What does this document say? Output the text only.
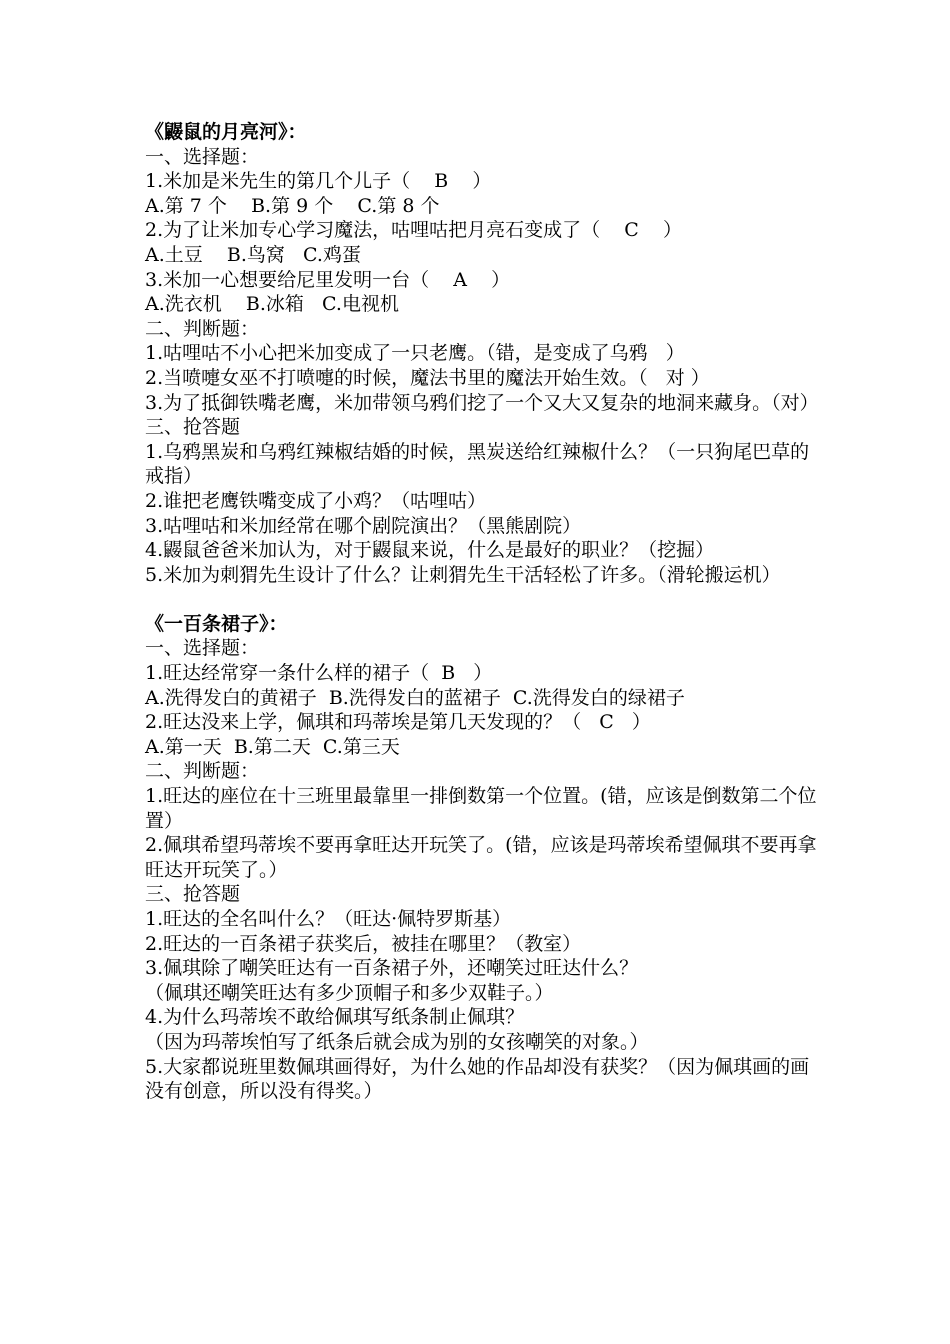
《鼹鼠的月亮河》：
一、选择题：
1.米加是米先生的第几个儿子（    B    ）
A.第 7 个    B.第 9 个    C.第 8 个
2.为了让米加专心学习魔法，咕哩咕把月亮石变成了（    C    ）
A.土豆    B.鸟窝   C.鸡蛋
3.米加一心想要给尼里发明一台（    A    ）
A.洗衣机    B.冰箱   C.电视机
二、判断题：
1.咕哩咕不小心把米加变成了一只老鹰。（错，是变成了乌鸦   ）
2.当喷嚏女巫不打喷嚏的时候，魔法书里的魔法开始生效。（   对 ）
3.为了抵御铁嘴老鹰，米加带领乌鸦们挖了一个又大又复杂的地洞来藏身。（对）
三、抢答题
1.乌鸦黑炭和乌鸦红辣椒结婚的时候，黑炭送给红辣椒什么？（一只狗尾巴草的戒指）
2.谁把老鹰铁嘴变成了小鸡？（咕哩咕）
3.咕哩咕和米加经常在哪个剧院演出？（黑熊剧院）
4.鼹鼠爸爸米加认为，对于鼹鼠来说，什么是最好的职业？（挖掘）
5.米加为刺猬先生设计了什么？让刺猬先生干活轻松了许多。（滑轮搬运机）
《一百条裙子》：
一、选择题：
1.旺达经常穿一条什么样的裙子（  B   ）
A.洗得发白的黄裙子  B.洗得发白的蓝裙子  C.洗得发白的绿裙子
2.旺达没来上学，佩琪和玛蒂埃是第几天发现的？（   C   ）
A.第一天  B.第二天  C.第三天
二、判断题：
1.旺达的座位在十三班里最靠里一排倒数第一个位置。(错，应该是倒数第二个位置）
2.佩琪希望玛蒂埃不要再拿旺达开玩笑了。(错，应该是玛蒂埃希望佩琪不要再拿旺达开玩笑了。）
三、抢答题
1.旺达的全名叫什么？（旺达·佩特罗斯基）
2.旺达的一百条裙子获奖后，被挂在哪里？（教室）
3.佩琪除了嘲笑旺达有一百条裙子外，还嘲笑过旺达什么？
（佩琪还嘲笑旺达有多少顶帽子和多少双鞋子。）
4.为什么玛蒂埃不敢给佩琪写纸条制止佩琪？
（因为玛蒂埃怕写了纸条后就会成为别的女孩嘲笑的对象。）
5.大家都说班里数佩琪画得好，为什么她的作品却没有获奖？（因为佩琪画的画没有创意，所以没有得奖。）
